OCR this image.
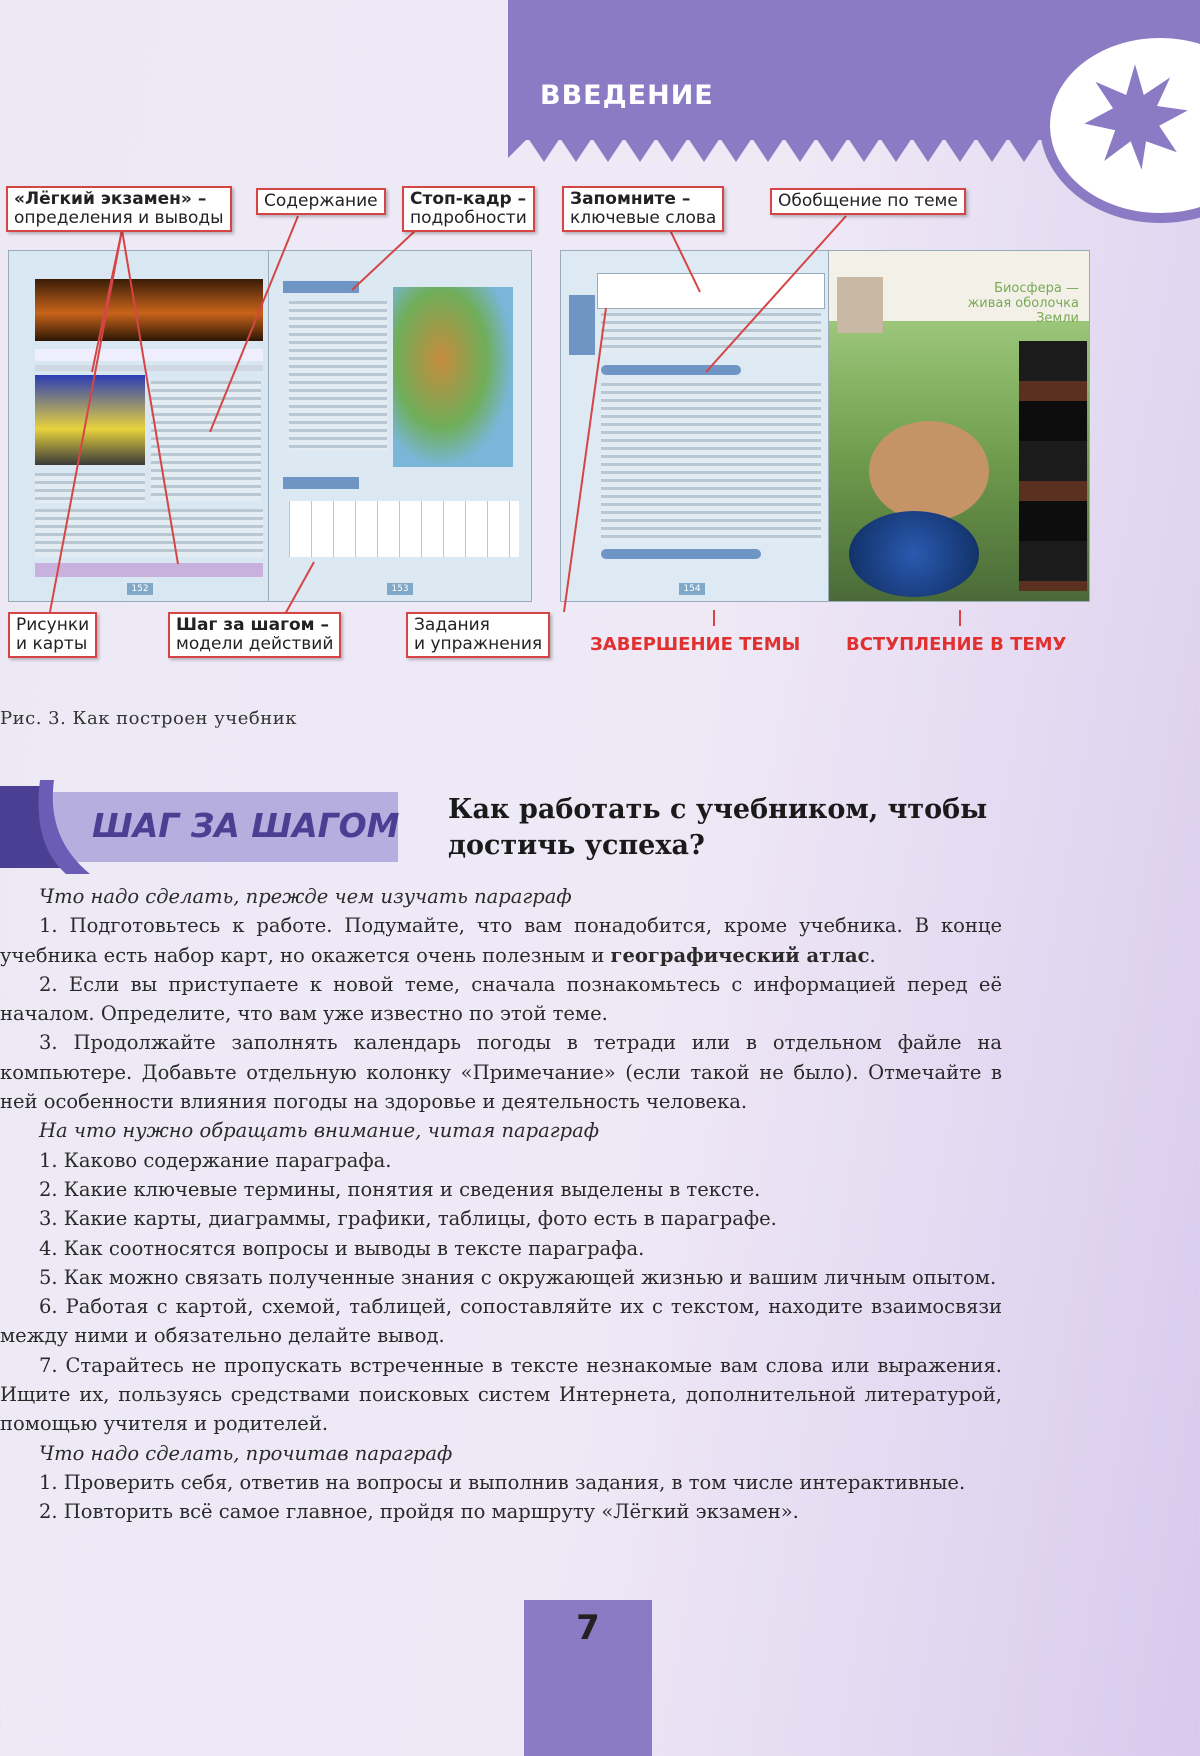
ВВЕДЕНИЕ
152	153	154
Биосфера — живая оболочка Земли
«Лёгкий экзамен» –
определения и выводы
Содержание	Стоп-кадр –
подробности
Запомните –
ключевые слова
Обобщение по теме
Рисунки
и карты
Шаг за шагом –
модели действий
Задания
и упражнения	ЗАВЕРШЕНИЕ ТЕМЫ	ВСТУПЛЕНИЕ В ТЕМУ
Рис. 3. Как построен учебник
ШАГ ЗА ШАГОМ Как работать с учебником, чтобы достичь успеха?

Что надо сделать, прежде чем изучать параграф

1. Подготовьтесь к работе. Подумайте, что вам понадобится, кроме учебника. В конце учебника есть набор карт, но окажется очень полезным и географический атлас.

2. Если вы приступаете к новой теме, сначала познакомьтесь с информацией перед её началом. Определите, что вам уже известно по этой теме.

3. Продолжайте заполнять календарь погоды в тетради или в отдельном файле на компьютере. Добавьте отдельную колонку «Примечание» (если такой не было). Отмечайте в ней особенности влияния погоды на здоровье и деятельность человека.

На что нужно обращать внимание, читая параграф

1. Каково содержание параграфа.

2. Какие ключевые термины, понятия и сведения выделены в тексте.

3. Какие карты, диаграммы, графики, таблицы, фото есть в параграфе.

4. Как соотносятся вопросы и выводы в тексте параграфа.

5. Как можно связать полученные знания с окружающей жизнью и вашим личным опытом.

6. Работая с картой, схемой, таблицей, сопоставляйте их с текстом, находите взаимосвязи между ними и обязательно делайте вывод.

7. Старайтесь не пропускать встреченные в тексте незнакомые вам слова или выражения. Ищите их, пользуясь средствами поисковых систем Интернета, дополнительной литературой, помощью учителя и родителей.

Что надо сделать, прочитав параграф

1. Проверить себя, ответив на вопросы и выполнив задания, в том числе интерактивные.

2. Повторить всё самое главное, пройдя по маршруту «Лёгкий экзамен».

7
